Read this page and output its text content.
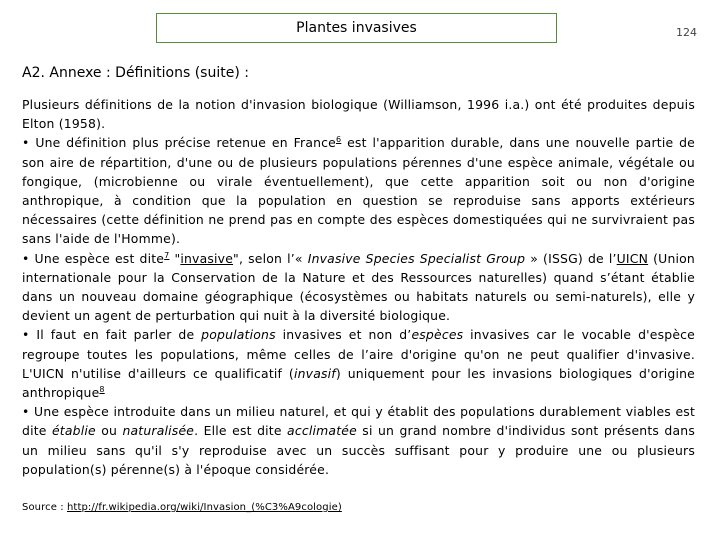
Plantes invasives	124
A2. Annexe : Définitions (suite) :

Plusieurs définitions de la notion d'invasion biologique (Williamson, 1996 i.a.) ont été produites depuis Elton (1958).

• Une définition plus précise retenue en France$^6$ est l'apparition durable, dans une nouvelle partie de son aire de répartition, d'une ou de plusieurs populations pérennes d'une espèce animale, végétale ou fongique, (microbienne ou virale éventuellement), que cette apparition soit ou non d'origine anthropique, à condition que la population en question se reproduise sans apports extérieurs nécessaires (cette définition ne prend pas en compte des espèces domestiquées qui ne survivraient pas sans l'aide de l'Homme).

• Une espèce est dite$^7$ "invasive", selon l’« Invasive Species Specialist Group » (ISSG) de l’UICN (Union internationale pour la Conservation de la Nature et des Ressources naturelles) quand s’étant établie dans un nouveau domaine géographique (écosystèmes ou habitats naturels ou semi-naturels), elle y devient un agent de perturbation qui nuit à la diversité biologique.

• Il faut en fait parler de populations invasives et non d’espèces invasives car le vocable d'espèce regroupe toutes les populations, même celles de l’aire d'origine qu'on ne peut qualifier d'invasive. L'UICN n'utilise d'ailleurs ce qualificatif (invasif) uniquement pour les invasions biologiques d'origine anthropique$^8$

• Une espèce introduite dans un milieu naturel, et qui y établit des populations durablement viables est dite établie ou naturalisée. Elle est dite acclimatée si un grand nombre d'individus sont présents dans un milieu sans qu'il s'y reproduise avec un succès suffisant pour y produire une ou plusieurs population(s) pérenne(s) à l'époque considérée.

Source : http://fr.wikipedia.org/wiki/Invasion_(%C3%A9cologie)
